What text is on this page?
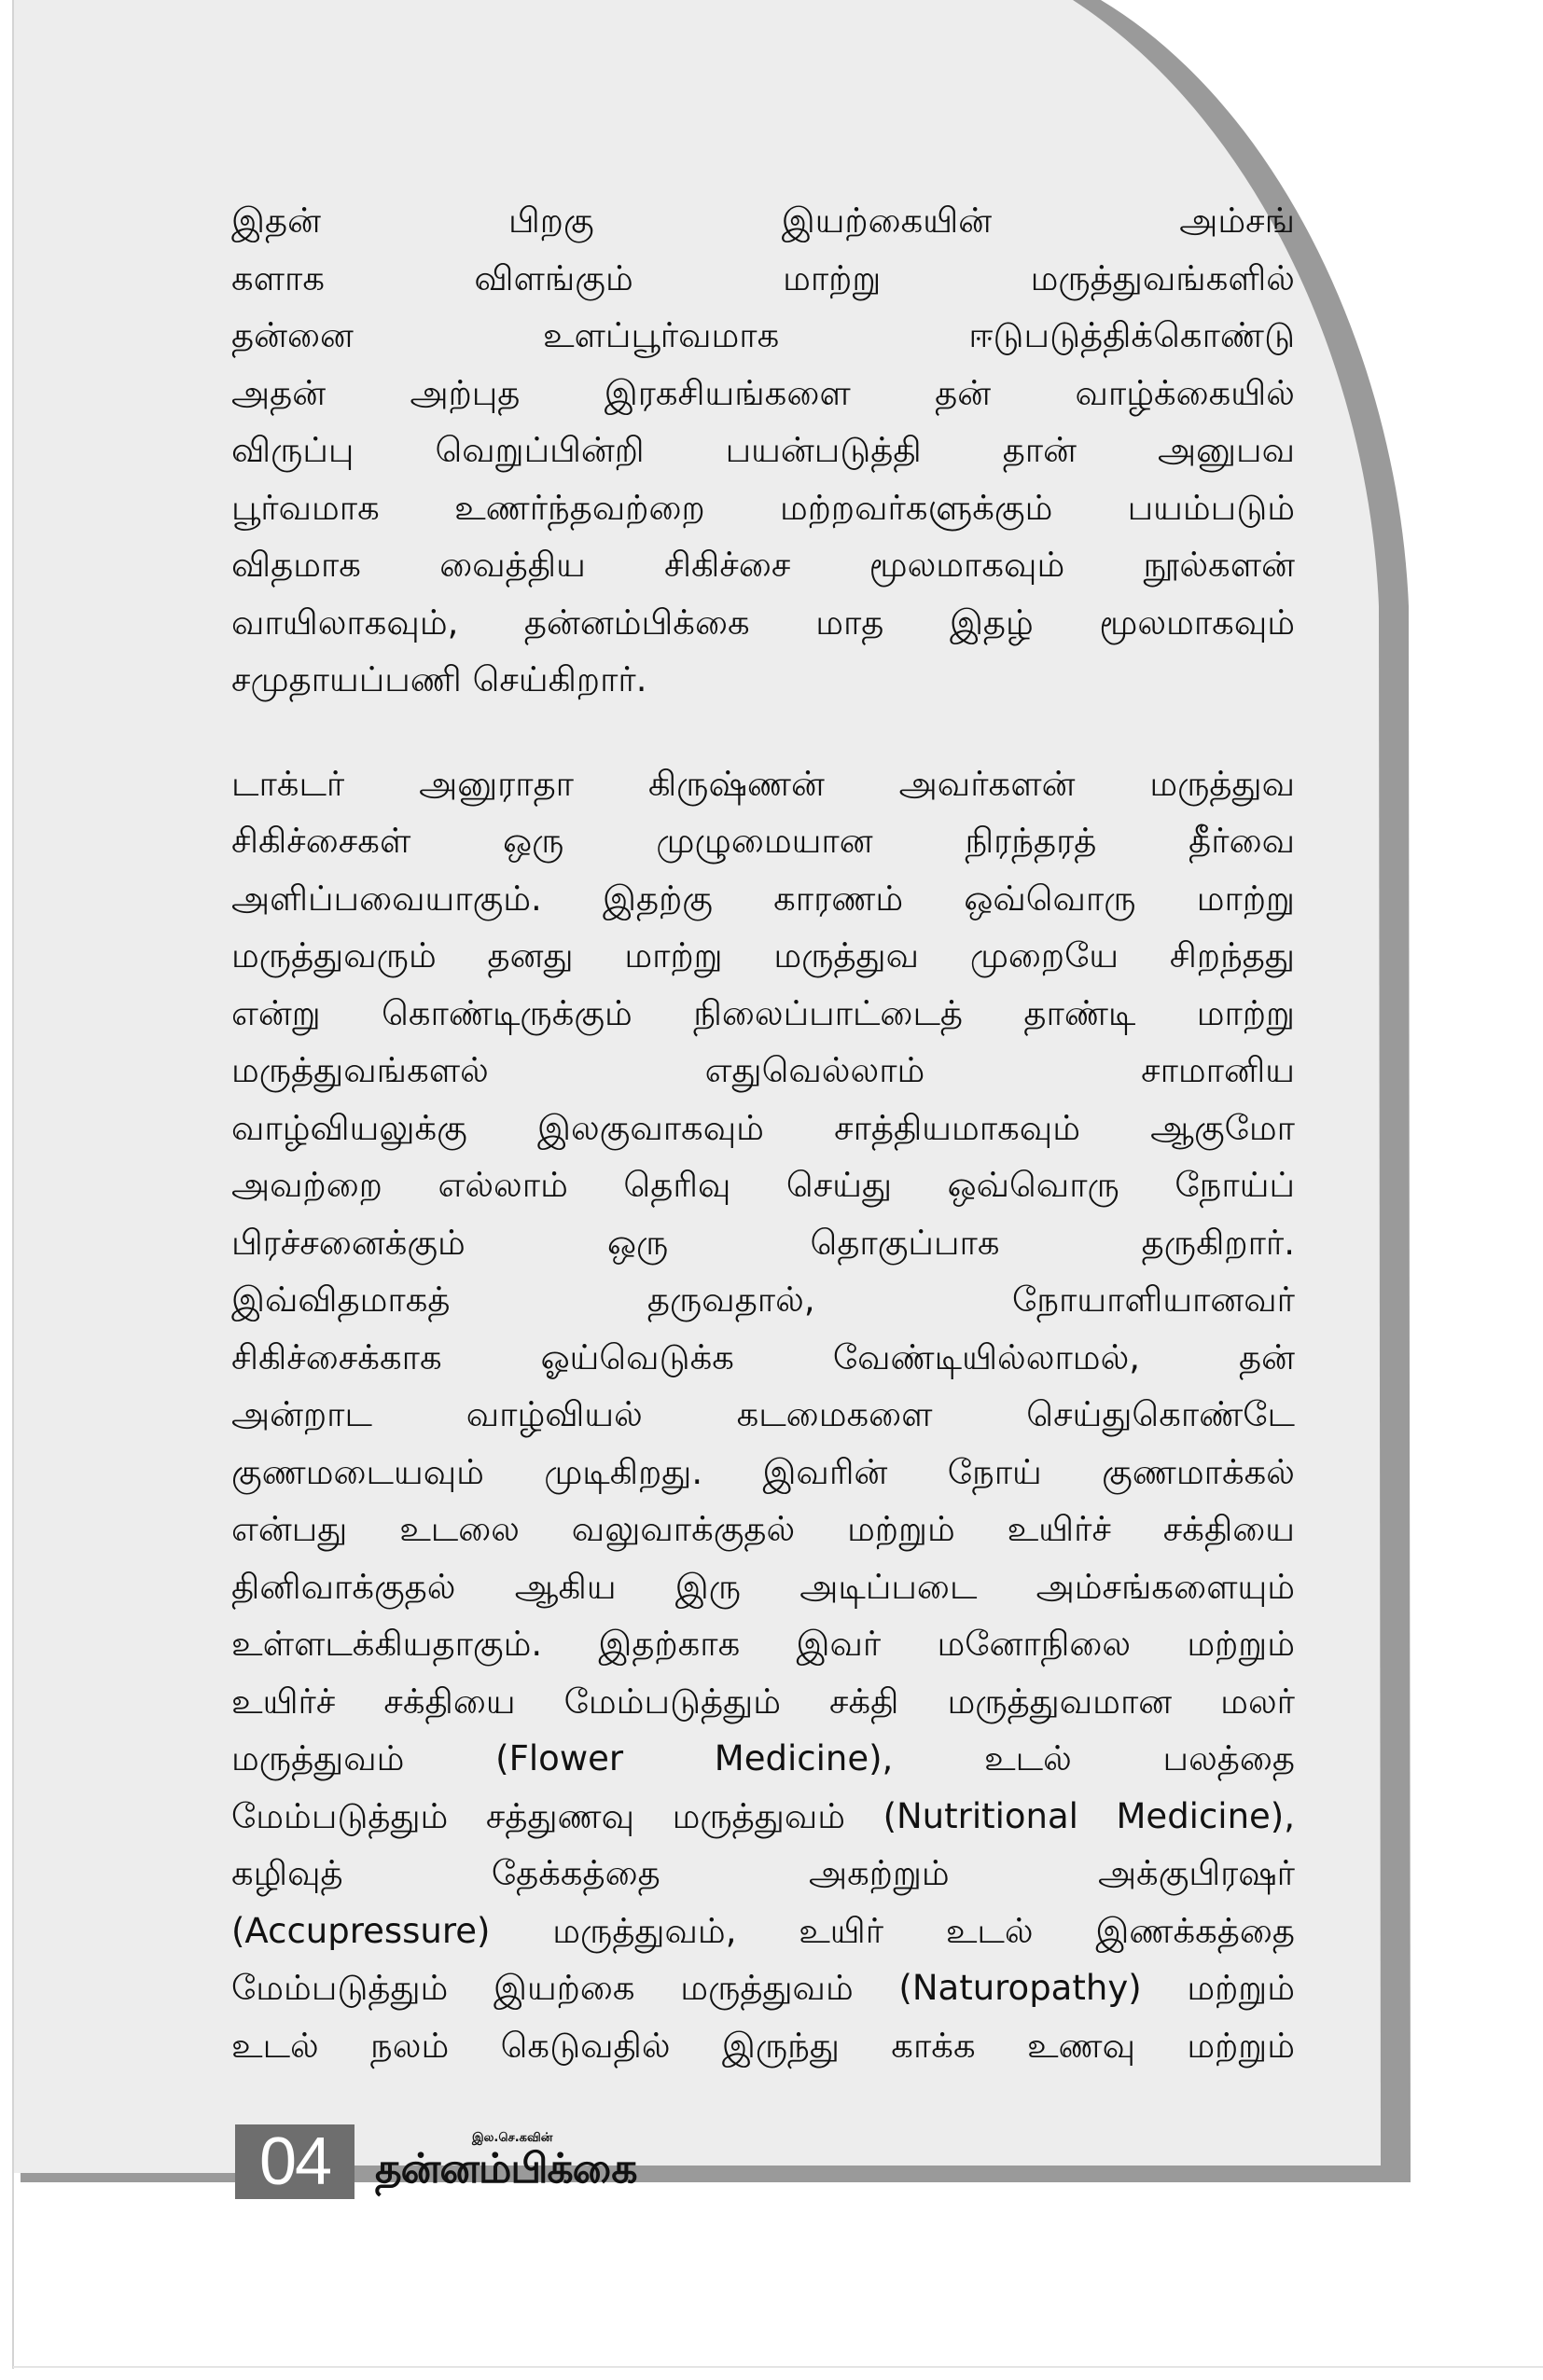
இதன் பிறகு இயற்கையின் அம்சங்
களாக விளங்கும் மாற்று மருத்துவங்களில்
தன்னை உளப்பூர்வமாக ஈடுபடுத்திக்கொண்டு
அதன் அற்புத இரகசியங்களை தன் வாழ்க்கையில்
விருப்பு வெறுப்பின்றி பயன்படுத்தி தான் அனுபவ
பூர்வமாக உணர்ந்தவற்றை மற்றவர்களுக்கும் பயம்படும்
விதமாக வைத்திய சிகிச்சை மூலமாகவும் நூல்களன்
வாயிலாகவும், தன்னம்பிக்கை மாத இதழ் மூலமாகவும்
சமுதாயப்பணி செய்கிறார்.

டாக்டர் அனுராதா கிருஷ்ணன் அவர்களன் மருத்துவ
சிகிச்சைகள் ஒரு முழுமையான நிரந்தரத் தீர்வை
அளிப்பவையாகும். இதற்கு காரணம் ஒவ்வொரு மாற்று
மருத்துவரும் தனது மாற்று மருத்துவ முறையே சிறந்தது
என்று கொண்டிருக்கும் நிலைப்பாட்டைத் தாண்டி மாற்று
மருத்துவங்களல் எதுவெல்லாம் சாமானிய
வாழ்வியலுக்கு இலகுவாகவும் சாத்தியமாகவும் ஆகுமோ
அவற்றை எல்லாம் தெரிவு செய்து ஒவ்வொரு நோய்ப்
பிரச்சனைக்கும் ஒரு தொகுப்பாக தருகிறார்.
இவ்விதமாகத் தருவதால், நோயாளியானவர்
சிகிச்சைக்காக ஓய்வெடுக்க வேண்டியில்லாமல், தன்
அன்றாட வாழ்வியல் கடமைகளை செய்துகொண்டே
குணமடையவும் முடிகிறது. இவரின் நோய் குணமாக்கல்
என்பது உடலை வலுவாக்குதல் மற்றும் உயிர்ச் சக்தியை
தினிவாக்குதல் ஆகிய இரு அடிப்படை அம்சங்களையும்
உள்ளடக்கியதாகும். இதற்காக இவர் மனோநிலை மற்றும்
உயிர்ச் சக்தியை மேம்படுத்தும் சக்தி மருத்துவமான மலர்
மருத்துவம் (Flower Medicine), உடல் பலத்தை
மேம்படுத்தும் சத்துணவு மருத்துவம் (Nutritional Medicine),
கழிவுத் தேக்கத்தை அகற்றும் அக்குபிரஷர்
(Accupressure) மருத்துவம், உயிர் உடல் இணக்கத்தை
மேம்படுத்தும் இயற்கை மருத்துவம் (Naturopathy) மற்றும்
உடல் நலம் கெடுவதில் இருந்து காக்க உணவு மற்றும்

04	இல.செ.கவின்
தன்னம்பிக்கை
